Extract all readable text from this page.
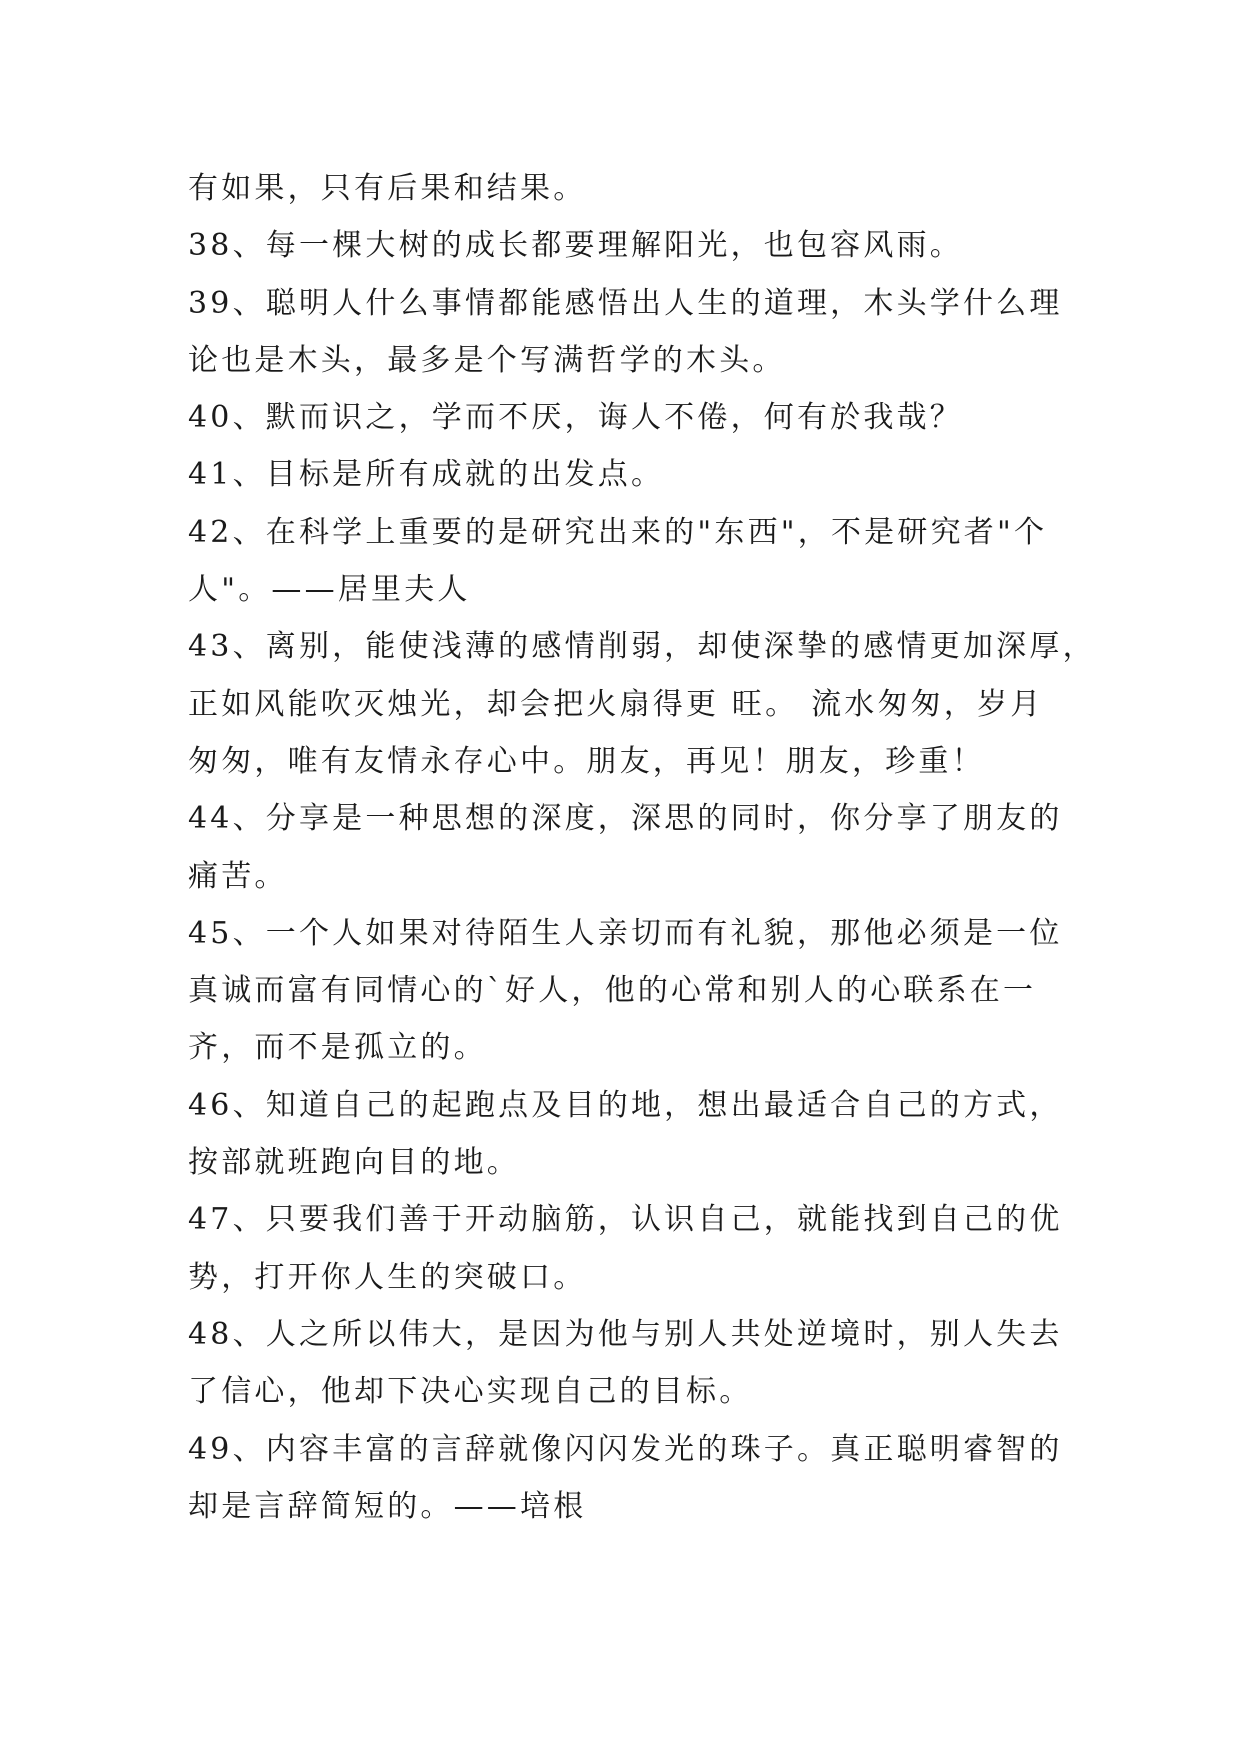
有如果，只有后果和结果。
38、每一棵大树的成长都要理解阳光，也包容风雨。
39、聪明人什么事情都能感悟出人生的道理，木头学什么理
论也是木头，最多是个写满哲学的木头。
40、默而识之，学而不厌，诲人不倦，何有於我哉？
41、目标是所有成就的出发点。
42、在科学上重要的是研究出来的"东西"，不是研究者"个
人"。——居里夫人
43、离别，能使浅薄的感情削弱，却使深挚的感情更加深厚，
正如风能吹灭烛光，却会把火扇得更 旺。 流水匆匆，岁月
匆匆，唯有友情永存心中。朋友，再见！朋友，珍重！
44、分享是一种思想的深度，深思的同时，你分享了朋友的
痛苦。
45、一个人如果对待陌生人亲切而有礼貌，那他必须是一位
真诚而富有同情心的`好人，他的心常和别人的心联系在一
齐，而不是孤立的。
46、知道自己的起跑点及目的地，想出最适合自己的方式，
按部就班跑向目的地。
47、只要我们善于开动脑筋，认识自己，就能找到自己的优
势，打开你人生的突破口。
48、人之所以伟大，是因为他与别人共处逆境时，别人失去
了信心，他却下决心实现自己的目标。
49、内容丰富的言辞就像闪闪发光的珠子。真正聪明睿智的
却是言辞简短的。——培根
